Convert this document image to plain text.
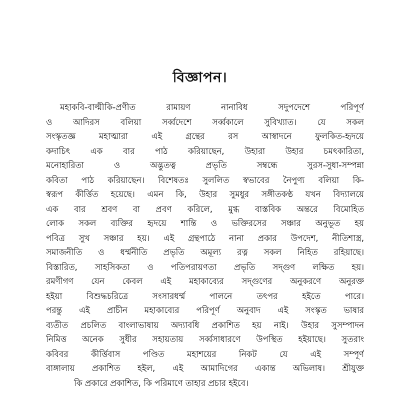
বিজ্ঞাপন।
মহাকবি-বাল্মীকি-প্রণীত রামায়ণ নানাবিধ সদুপদেশে পরিপূর্ণ
ও আদিরস বলিয়া সর্ব্বদেশে সর্ব্বকালে সুবিখ্যাত। যে সকল
সংস্কৃতজ্ঞ মহাত্মারা এই গ্রন্থের রস আস্বাদনে ফুলকিত-হৃদয়ে
কদাচিৎ এক বার পাঠ করিয়াছেন, উহারা উহার চমৎকারিতা,
মনোহারিতা ও অদ্ভুতত্ব প্রভৃতি সম্বন্ধে সুরস-সুধা-সম্পন্না
কবিতা পাঠ করিয়াছেন। বিশেষতঃ সুললিত স্বভাবের নৈপুণ্য বলিয়া কি-
স্বরূপ কীর্ত্তিত হয়েছে। এমন কি, উহার সুমধুর সঙ্গীতকণ্ঠ যখন বিদ্যালয়ে
এক বার শ্রবণ বা প্রবণ করিলে, মুগ্ধ বাস্তবিক অন্তরে বিমোহিত
লোক সকল ব্যক্তির হৃদয়ে শান্তি ও ভক্তিরসের সঞ্চার অনুভূত হয়
পবিত্র সুখ সঞ্চার হয়। এই গ্রন্থপাঠে নানা প্রকার উপদেশ, নীতিশাস্ত্র,
সমাজনীতি ও ধর্ম্মনীতি প্রভৃতি অমূল্য রত্ন সকল নিহিত রহিয়াছে।
বিস্তারিত, সাহসিকতা ও পতিপরায়ণতা প্রভৃতি সদ্গুণ লক্ষিত হয়।
রমণীগণ যেন কেবল এই মহাকাব্যের সদ্গুণের অনুকরণে অনুরক্ত
হইয়া বিশুদ্ধচরিত্রে সংসারধর্ম্ম পালনে তৎপর হইতে পারে।
পরন্তু এই প্রাচীন মহাকাব্যের পরিপূর্ণ অনুবাদ এই সংস্কৃত ভাষার
ব্যতীত প্রচলিত বাংলাভাষায় অদ্যাবধি প্রকাশিত হয় নাই। উহার সুসম্পাদন
নিমিত্ত অনেক সুধীর সহায়তায় সর্ব্বসাধারণে উপস্থিত হইয়াছে। সুতরাং
কবিবর কীর্ত্তিবাস পণ্ডিত মহাশয়ের নিকট যে এই সম্পূর্ণ
বাঙ্গালায় প্রকাশিত হইল, এই আমাদিগের একান্ত অভিলাষ। শ্রীযুক্ত
কি প্রকারে প্রকাশিত, কি পরিমাণে তাহার প্রচার হইবে।
